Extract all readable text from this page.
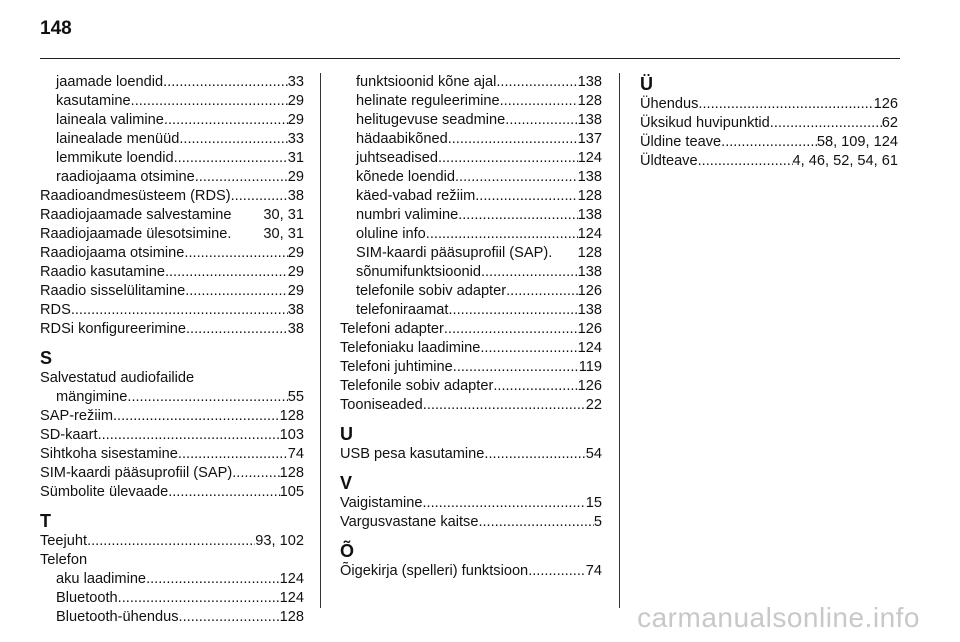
148
jaamade loendid .....	33
kasutamine .....	29
laineala valimine .....	29
lainealade menüüd .....	33
lemmikute loendid .....	31
raadiojaama otsimine .....	29
Raadioandmesüsteem (RDS) .....	38
Raadiojaamade salvestamine 30, 31
Raadiojaamade ülesotsimine. 30, 31
Raadiojaama otsimine .....	29
Raadio kasutamine .....	29
Raadio sisselülitamine .....	29
RDS .....	38
RDSi konfigureerimine .....	38
S
Salvestatud audiofailide
mängimine .....	55
SAP-režiim .....	128
SD-kaart .....	103
Sihtkoha sisestamine .....	74
SIM-kaardi pääsuprofiil (SAP) .....	128
Sümbolite ülevaade .....	105
T
Teejuht .....	93, 102
Telefon
aku laadimine .....	124
Bluetooth .....	124
Bluetooth-ühendus .....	128
funktsioonid kõne ajal .....	138
helinate reguleerimine .....	128
helitugevuse seadmine .....	138
hädaabikõned .....	137
juhtseadised .....	124
kõnede loendid .....	138
käed-vabad režiim .....	128
numbri valimine .....	138
oluline info .....	124
SIM-kaardi pääsuprofiil (SAP). 128
sõnumifunktsioonid .....	138
telefonile sobiv adapter .....	126
telefoniraamat .....	138
Telefoni adapter .....	126
Telefoniaku laadimine .....	124
Telefoni juhtimine .....	119
Telefonile sobiv adapter .....	126
Tooniseaded .....	22
U
USB pesa kasutamine .....	54
V
Vaigistamine .....	15
Vargusvastane kaitse .....	5
Õ
Õigekirja (spelleri) funktsioon .....	74
Ü
Ühendus .....	126
Üksikud huvipunktid .....	62
Üldine teave .....	58, 109, 124
Üldteave .....	4, 46, 52, 54, 61
carmanualsonline.info
